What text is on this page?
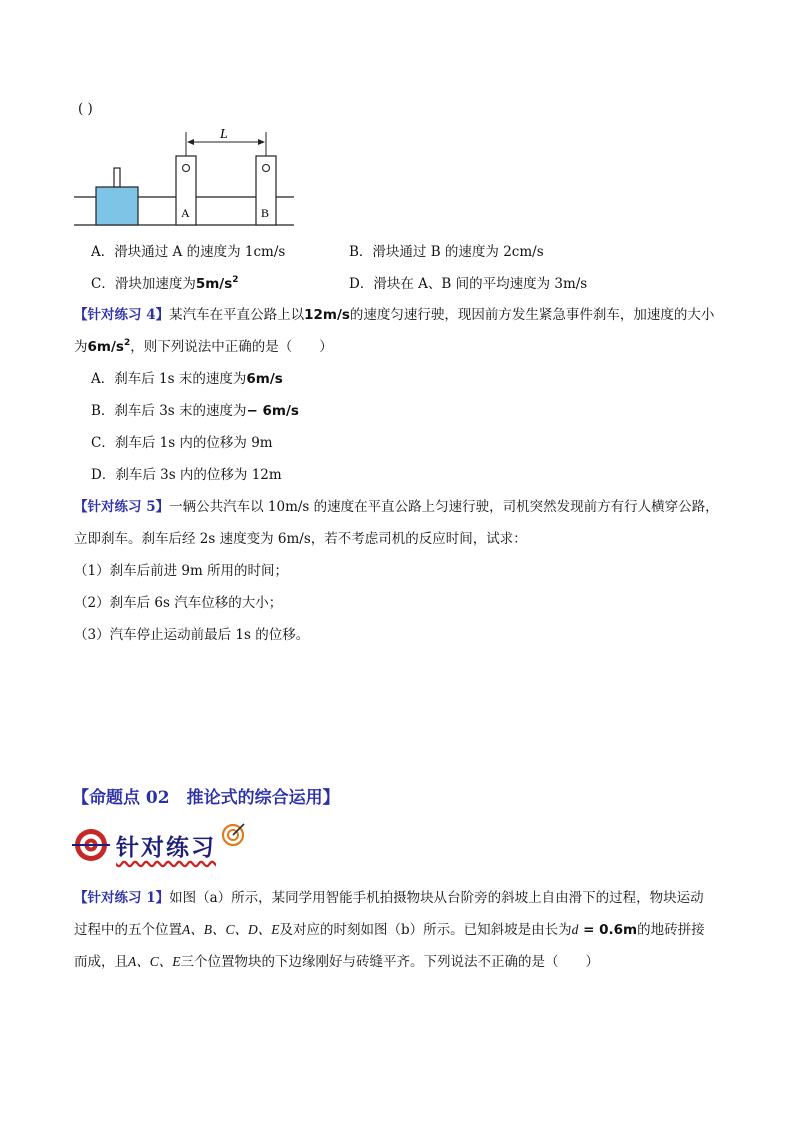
( )
L
A	B
A．滑块通过 A 的速度为 1cm/s	B．滑块通过 B 的速度为 2cm/s
C．滑块加速度为$5m/s^2$	D．滑块在 A、B 间的平均速度为 3m/s
【针对练习 4】某汽车在平直公路上以12m/s的速度匀速行驶，现因前方发生紧急事件刹车，加速度的大小
为$6m/s^2$，则下列说法中正确的是（　　）
A．刹车后 1s 末的速度为6m/s
B．刹车后 3s 末的速度为− 6m/s
C．刹车后 1s 内的位移为 9m
D．刹车后 3s 内的位移为 12m
【针对练习 5】一辆公共汽车以 10m/s 的速度在平直公路上匀速行驶，司机突然发现前方有行人横穿公路，
立即刹车。刹车后经 2s 速度变为 6m/s，若不考虑司机的反应时间，试求：
（1）刹车后前进 9m 所用的时间；
（2）刹车后 6s 汽车位移的大小；
（3）汽车停止运动前最后 1s 的位移。
【命题点 02　推论式的综合运用】
针对练习
【针对练习 1】如图（a）所示，某同学用智能手机拍摄物块从台阶旁的斜坡上自由滑下的过程，物块运动
过程中的五个位置A、B、C、D、E及对应的时刻如图（b）所示。已知斜坡是由长为d = 0.6m的地砖拼接
而成，且A、C、E三个位置物块的下边缘刚好与砖缝平齐。下列说法不正确的是（　　）
